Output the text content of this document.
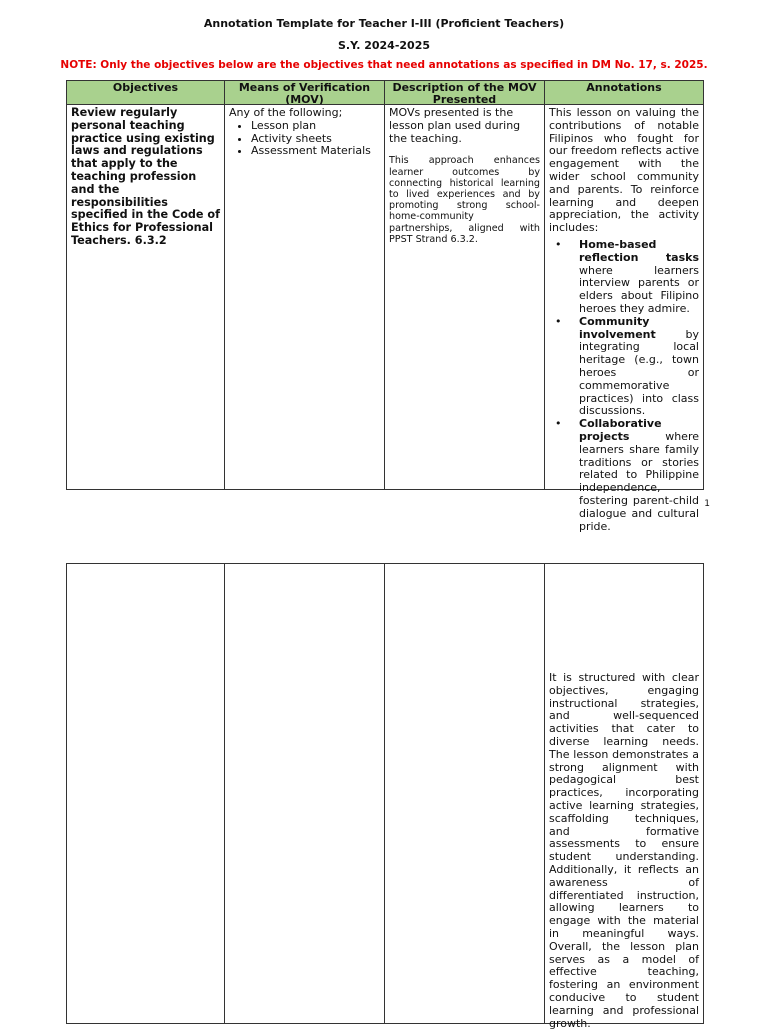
Annotation Template for Teacher I-III (Proficient Teachers)
S.Y. 2024-2025
NOTE: Only the objectives below are the objectives that need annotations as specified in DM No. 17, s. 2025.
Objectives	Means of Verification (MOV)
Description of the MOV Presented
Annotations
Review regularly personal teaching practice using existing laws and regulations that apply to the teaching profession and the responsibilities specified in the Code of Ethics for Professional Teachers. 6.3.2

Any of the following;

• Lesson plan
• Activity sheets
• Assessment Materials

MOVs presented is the lesson plan used during the teaching.

This approach enhances learner outcomes by connecting historical learning to lived experiences and by promoting strong school-home-community partnerships, aligned with PPST Strand 6.3.2.

This lesson on valuing the contributions of notable Filipinos who fought for our freedom reflects active engagement with the wider school community and parents. To reinforce learning and deepen appreciation, the activity includes:

• Home-based reflection tasks where learners interview parents or elders about Filipino heroes they admire.
• Community involvement by integrating local heritage (e.g., town heroes or commemorative practices) into class discussions.
• Collaborative projects where learners share family traditions or stories related to Philippine independence, fostering parent-child dialogue and cultural pride.
1

It is structured with clear objectives, engaging instructional strategies, and well-sequenced activities that cater to diverse learning needs. The lesson demonstrates a strong alignment with pedagogical best practices, incorporating active learning strategies, scaffolding techniques, and formative assessments to ensure student understanding. Additionally, it reflects an awareness of differentiated instruction, allowing learners to engage with the material in meaningful ways. Overall, the lesson plan serves as a model of effective teaching, fostering an environment conducive to student learning and professional growth.
